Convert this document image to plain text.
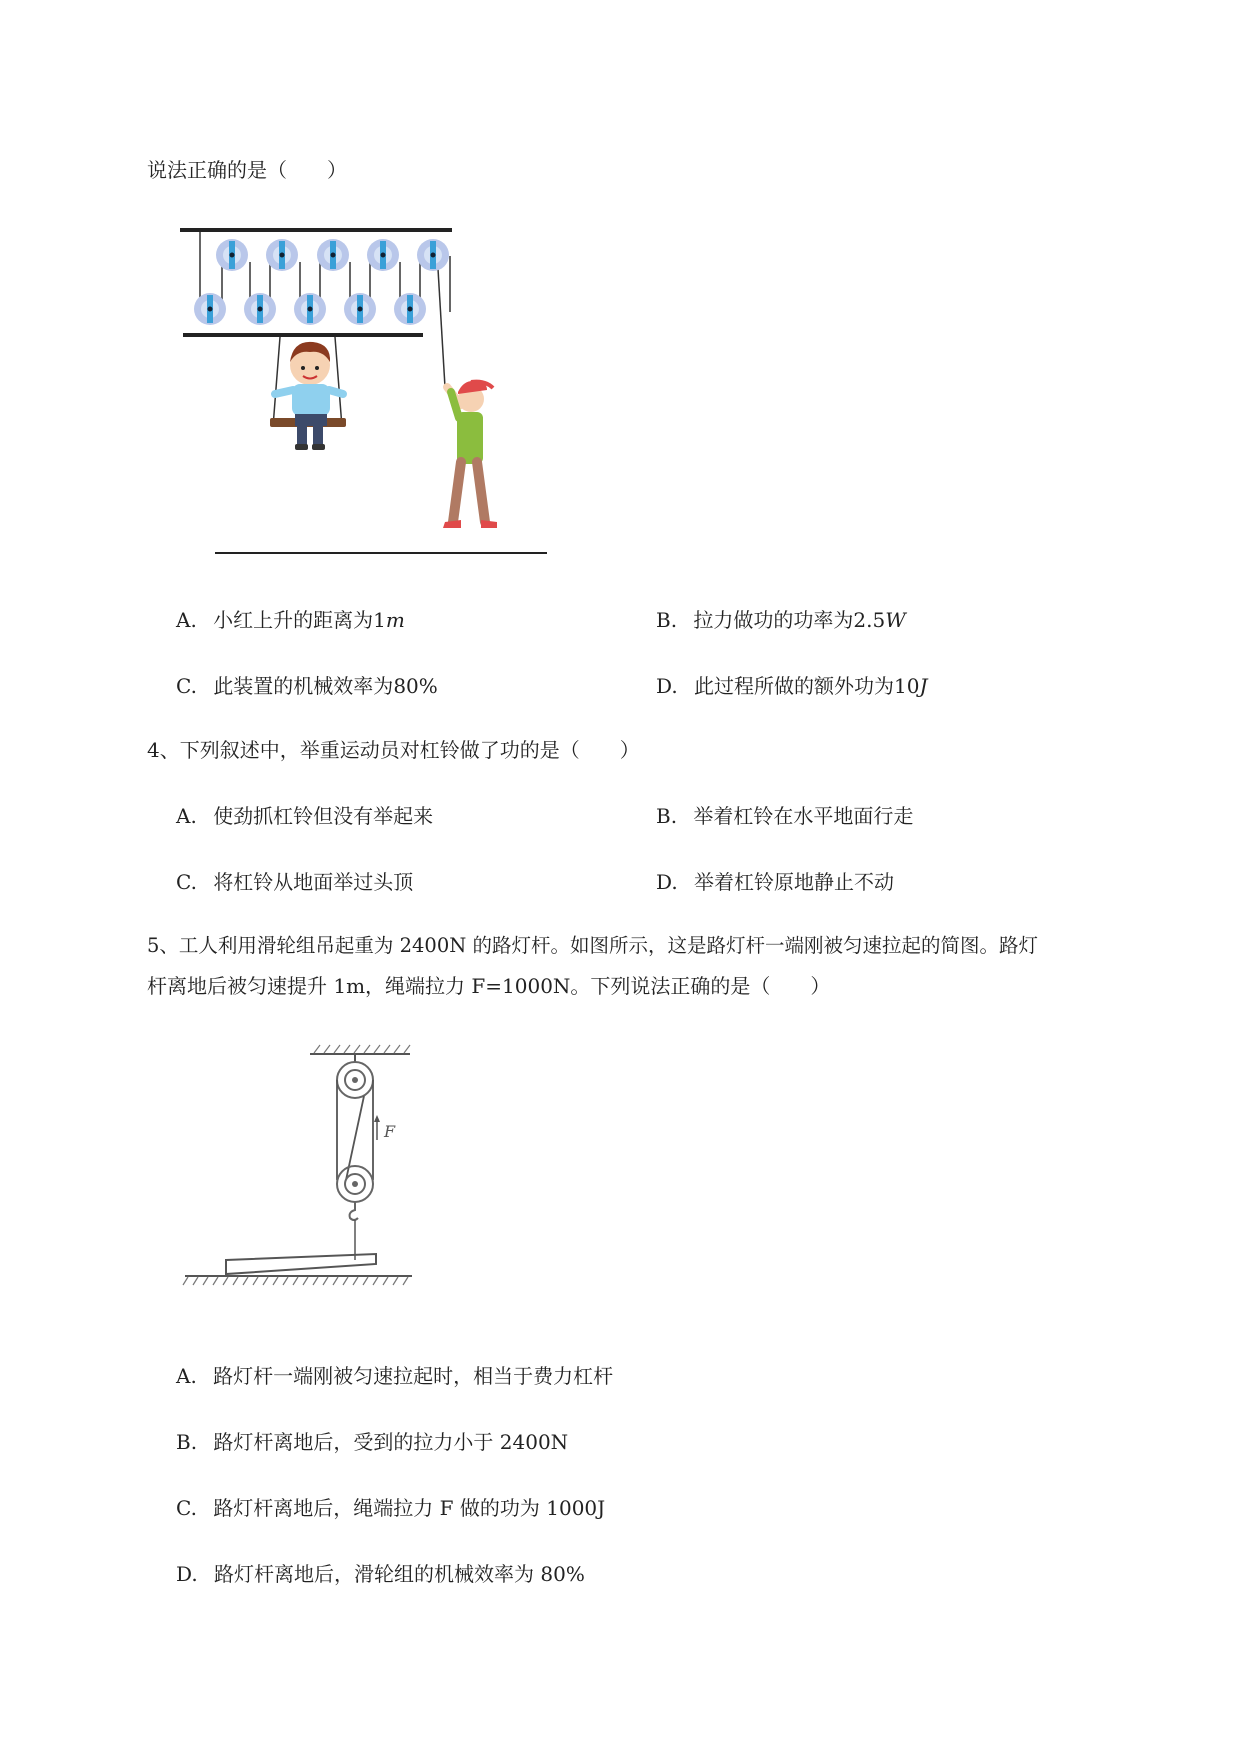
说法正确的是（　　）
A. 小红上升的距离为1m	B. 拉力做功的功率为2.5W
C. 此装置的机械效率为80%	D. 此过程所做的额外功为10J
4、下列叙述中，举重运动员对杠铃做了功的是（　　）
A. 使劲抓杠铃但没有举起来	B. 举着杠铃在水平地面行走
C. 将杠铃从地面举过头顶	D. 举着杠铃原地静止不动
5、工人利用滑轮组吊起重为 2400N 的路灯杆。如图所示，这是路灯杆一端刚被匀速拉起的简图。路灯
杆离地后被匀速提升 1m，绳端拉力 F=1000N。下列说法正确的是（　　）
F
A. 路灯杆一端刚被匀速拉起时，相当于费力杠杆
B. 路灯杆离地后，受到的拉力小于 2400N
C. 路灯杆离地后，绳端拉力 F 做的功为 1000J
D. 路灯杆离地后，滑轮组的机械效率为 80%
